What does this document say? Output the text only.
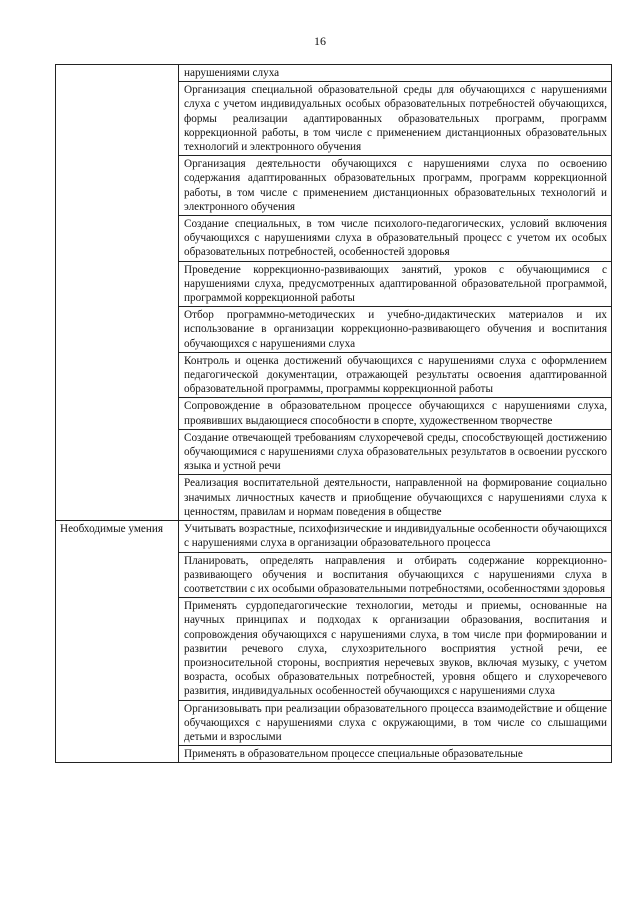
16
	нарушениями слуха
	Организация специальной образовательной среды для обучающихся с нарушениями слуха с учетом индивидуальных особых образовательных потребностей обучающихся, формы реализации адаптированных образовательных программ, программ коррекционной работы, в том числе с применением дистанционных образовательных технологий и электронного обучения
	Организация деятельности обучающихся с нарушениями слуха по освоению содержания адаптированных образовательных программ, программ коррекционной работы, в том числе с применением дистанционных образовательных технологий и электронного обучения
	Создание специальных, в том числе психолого-педагогических, условий включения обучающихся с нарушениями слуха в образовательный процесс с учетом их особых образовательных потребностей, особенностей здоровья
	Проведение коррекционно-развивающих занятий, уроков с обучающимися с нарушениями слуха, предусмотренных адаптированной образовательной программой, программой коррекционной работы
	Отбор программно-методических и учебно-дидактических материалов и их использование в организации коррекционно-развивающего обучения и воспитания обучающихся с нарушениями слуха
	Контроль и оценка достижений обучающихся с нарушениями слуха с оформлением педагогической документации, отражающей результаты освоения адаптированной образовательной программы, программы коррекционной работы
	Сопровождение в образовательном процессе обучающихся с нарушениями слуха, проявивших выдающиеся способности в спорте, художественном творчестве
	Создание отвечающей требованиям слухоречевой среды, способствующей достижению обучающимися с нарушениями слуха образовательных результатов в освоении русского языка и устной речи
	Реализация воспитательной деятельности, направленной на формирование социально значимых личностных качеств и приобщение обучающихся с нарушениями слуха к ценностям, правилам и нормам поведения в обществе
Необходимые умения	Учитывать возрастные, психофизические и индивидуальные особенности обучающихся с нарушениями слуха в организации образовательного процесса
	Планировать, определять направления и отбирать содержание коррекционно-развивающего обучения и воспитания обучающихся с нарушениями слуха в соответствии с их особыми образовательными потребностями, особенностями здоровья
	Применять сурдопедагогические технологии, методы и приемы, основанные на научных принципах и подходах к организации образования, воспитания и сопровождения обучающихся с нарушениями слуха, в том числе при формировании и развитии речевого слуха, слухозрительного восприятия устной речи, ее произносительной стороны, восприятия неречевых звуков, включая музыку, с учетом возраста, особых образовательных потребностей, уровня общего и слухоречевого развития, индивидуальных особенностей обучающихся с нарушениями слуха
	Организовывать при реализации образовательного процесса взаимодействие и общение обучающихся с нарушениями слуха с окружающими, в том числе со слышащими детьми и взрослыми
	Применять в образовательном процессе специальные образовательные
